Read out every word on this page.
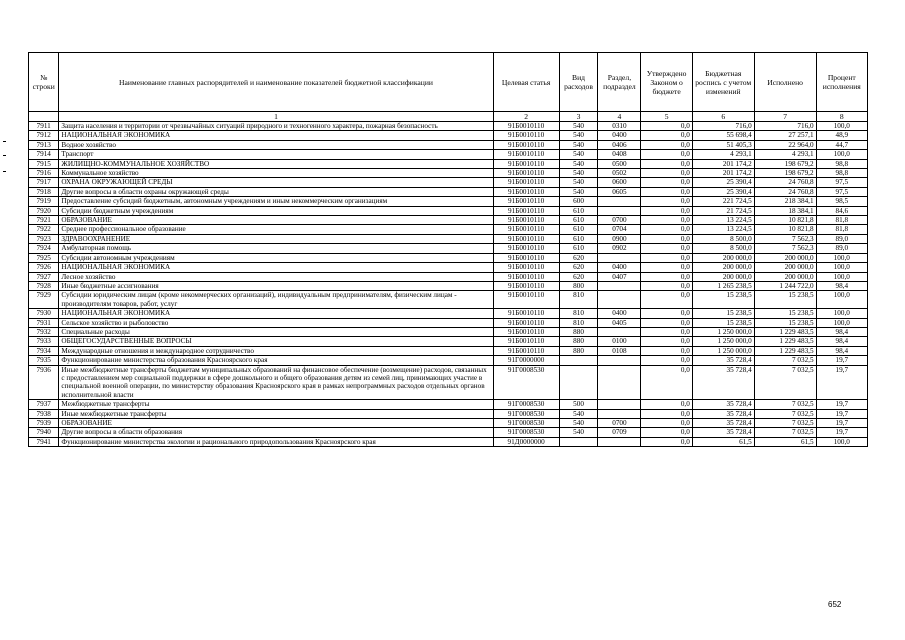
№ строки	Наименование главных распорядителей и наименование показателей бюджетной классификации	Целевая статья	Вид расходов	Раздел, подраздел	Утверждено Законом о бюджете	Бюджетная роспись с учетом изменений	Исполнено	Процент исполнения
	1	2	3	4	5	6	7	8
7911	Защита населения и территории от чрезвычайных ситуаций природного и техногенного характера, пожарная безопасность	91Б0010110	540	0310	0,0	716,0	716,0	100,0
7912	НАЦИОНАЛЬНАЯ ЭКОНОМИКА	91Б0010110	540	0400	0,0	55 698,4	27 257,1	48,9
7913	Водное хозяйство	91Б0010110	540	0406	0,0	51 405,3	22 964,0	44,7
7914	Транспорт	91Б0010110	540	0408	0,0	4 293,1	4 293,1	100,0
7915	ЖИЛИЩНО-КОММУНАЛЬНОЕ ХОЗЯЙСТВО	91Б0010110	540	0500	0,0	201 174,2	198 679,2	98,8
7916	Коммунальное хозяйство	91Б0010110	540	0502	0,0	201 174,2	198 679,2	98,8
7917	ОХРАНА ОКРУЖАЮЩЕЙ СРЕДЫ	91Б0010110	540	0600	0,0	25 390,4	24 760,8	97,5
7918	Другие вопросы в области охраны окружающей среды	91Б0010110	540	0605	0,0	25 390,4	24 760,8	97,5
7919	Предоставление субсидий бюджетным, автономным учреждениям и иным некоммерческим организациям	91Б0010110	600		0,0	221 724,5	218 384,1	98,5
7920	Субсидии бюджетным учреждениям	91Б0010110	610		0,0	21 724,5	18 384,1	84,6
7921	ОБРАЗОВАНИЕ	91Б0010110	610	0700	0,0	13 224,5	10 821,8	81,8
7922	Среднее профессиональное образование	91Б0010110	610	0704	0,0	13 224,5	10 821,8	81,8
7923	ЗДРАВООХРАНЕНИЕ	91Б0010110	610	0900	0,0	8 500,0	7 562,3	89,0
7924	Амбулаторная помощь	91Б0010110	610	0902	0,0	8 500,0	7 562,3	89,0
7925	Субсидии автономным учреждениям	91Б0010110	620		0,0	200 000,0	200 000,0	100,0
7926	НАЦИОНАЛЬНАЯ ЭКОНОМИКА	91Б0010110	620	0400	0,0	200 000,0	200 000,0	100,0
7927	Лесное хозяйство	91Б0010110	620	0407	0,0	200 000,0	200 000,0	100,0
7928	Иные бюджетные ассигнования	91Б0010110	800		0,0	1 265 238,5	1 244 722,0	98,4
7929	Субсидии юридическим лицам (кроме некоммерческих организаций), индивидуальным предпринимателям, физическим лицам - производителям товаров, работ, услуг	91Б0010110	810		0,0	15 238,5	15 238,5	100,0
7930	НАЦИОНАЛЬНАЯ ЭКОНОМИКА	91Б0010110	810	0400	0,0	15 238,5	15 238,5	100,0
7931	Сельское хозяйство и рыболовство	91Б0010110	810	0405	0,0	15 238,5	15 238,5	100,0
7932	Специальные расходы	91Б0010110	880		0,0	1 250 000,0	1 229 483,5	98,4
7933	ОБЩЕГОСУДАРСТВЕННЫЕ ВОПРОСЫ	91Б0010110	880	0100	0,0	1 250 000,0	1 229 483,5	98,4
7934	Международные отношения и международное сотрудничество	91Б0010110	880	0108	0,0	1 250 000,0	1 229 483,5	98,4
7935	Функционирование министерства образования Красноярского края	91Г0000000			0,0	35 728,4	7 032,5	19,7
7936	Иные межбюджетные трансферты бюджетам муниципальных образований на финансовое обеспечение (возмещение) расходов, связанных с предоставлением мер социальной поддержки в сфере дошкольного и общего образования детям из семей лиц, принимающих участие в специальной военной операции, по министерству образования Красноярского края в рамках непрограммных расходов отдельных органов исполнительной власти	91Г0008530			0,0	35 728,4	7 032,5	19,7
7937	Межбюджетные трансферты	91Г0008530	500		0,0	35 728,4	7 032,5	19,7
7938	Иные межбюджетные трансферты	91Г0008530	540		0,0	35 728,4	7 032,5	19,7
7939	ОБРАЗОВАНИЕ	91Г0008530	540	0700	0,0	35 728,4	7 032,5	19,7
7940	Другие вопросы в области образования	91Г0008530	540	0709	0,0	35 728,4	7 032,5	19,7
7941	Функционирование министерства экологии и рационального природопользования Красноярского края	91Д0000000			0,0	61,5	61,5	100,0
652
